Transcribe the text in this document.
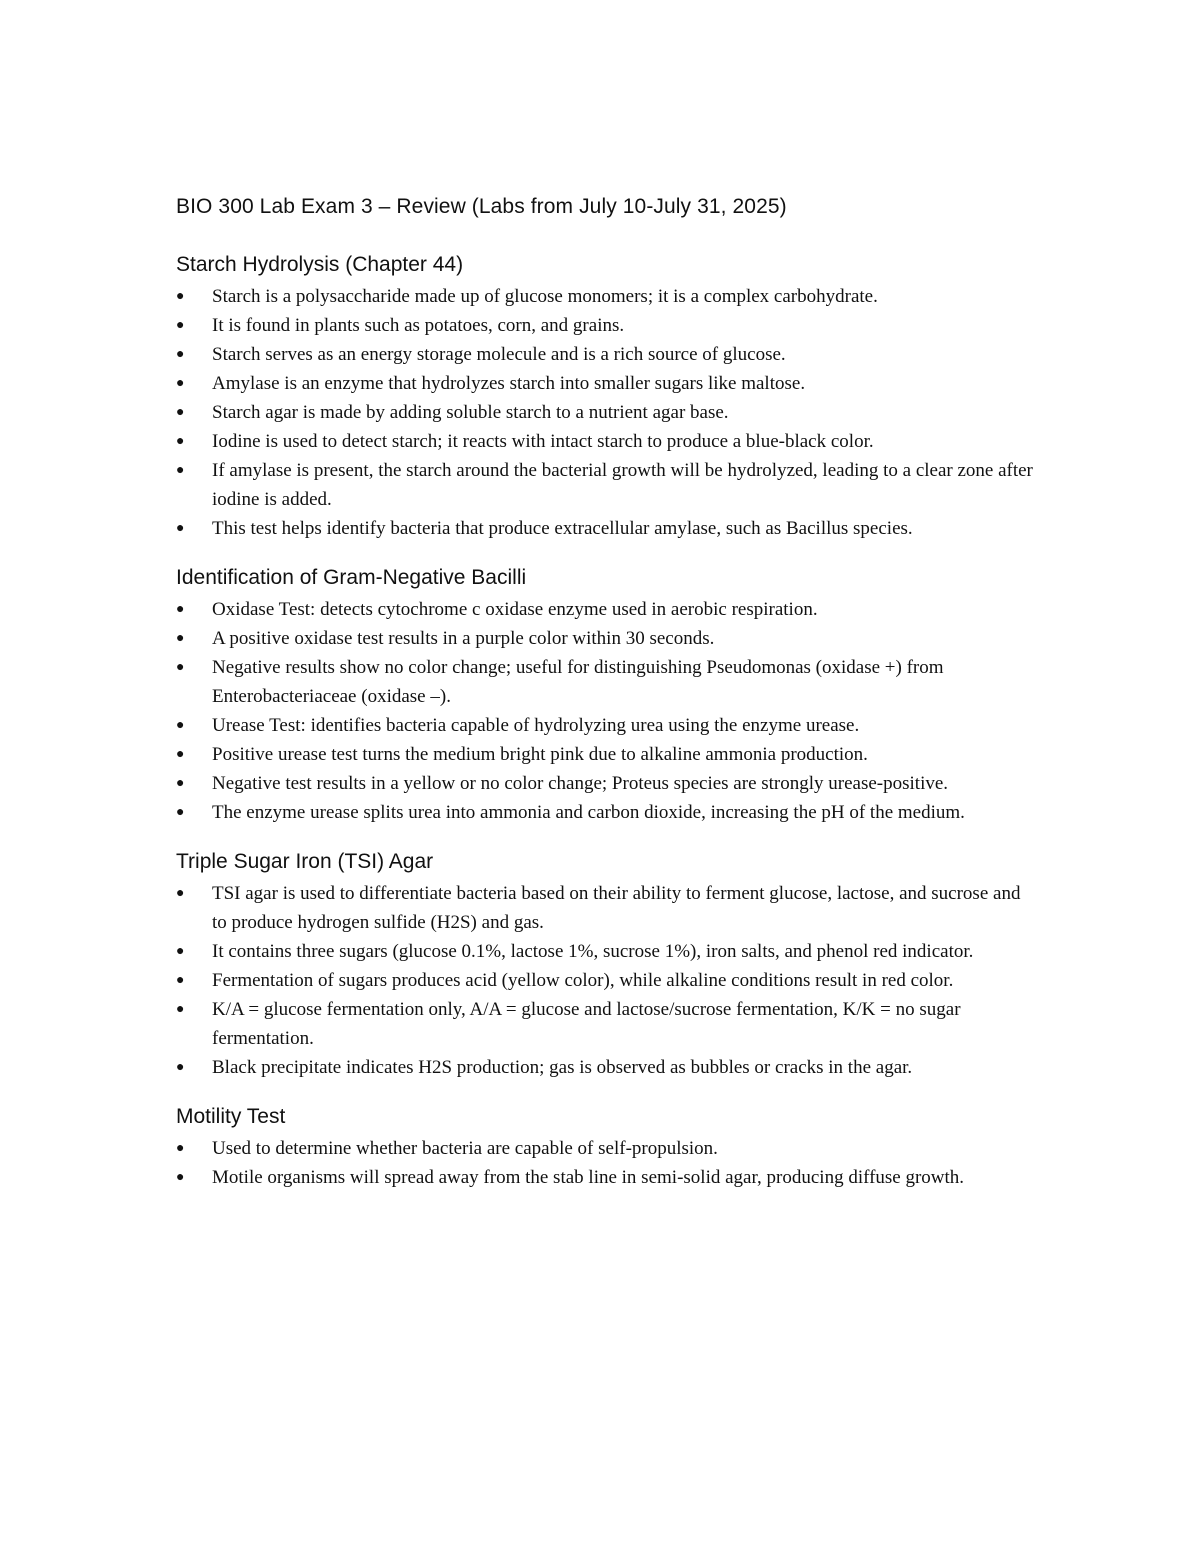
BIO 300 Lab Exam 3 – Review (Labs from July 10-July 31, 2025)
Starch Hydrolysis (Chapter 44)
● Starch is a polysaccharide made up of glucose monomers; it is a complex carbohydrate.
● It is found in plants such as potatoes, corn, and grains.
● Starch serves as an energy storage molecule and is a rich source of glucose.
● Amylase is an enzyme that hydrolyzes starch into smaller sugars like maltose.
● Starch agar is made by adding soluble starch to a nutrient agar base.
● Iodine is used to detect starch; it reacts with intact starch to produce a blue-black color.
● If amylase is present, the starch around the bacterial growth will be hydrolyzed, leading to a clear zone after iodine is added.
● This test helps identify bacteria that produce extracellular amylase, such as Bacillus species.
Identification of Gram-Negative Bacilli
● Oxidase Test: detects cytochrome c oxidase enzyme used in aerobic respiration.
● A positive oxidase test results in a purple color within 30 seconds.
● Negative results show no color change; useful for distinguishing Pseudomonas (oxidase +) from Enterobacteriaceae (oxidase –).
● Urease Test: identifies bacteria capable of hydrolyzing urea using the enzyme urease.
● Positive urease test turns the medium bright pink due to alkaline ammonia production.
● Negative test results in a yellow or no color change; Proteus species are strongly urease-positive.
● The enzyme urease splits urea into ammonia and carbon dioxide, increasing the pH of the medium.
Triple Sugar Iron (TSI) Agar
● TSI agar is used to differentiate bacteria based on their ability to ferment glucose, lactose, and sucrose and to produce hydrogen sulfide (H2S) and gas.
● It contains three sugars (glucose 0.1%, lactose 1%, sucrose 1%), iron salts, and phenol red indicator.
● Fermentation of sugars produces acid (yellow color), while alkaline conditions result in red color.
● K/A = glucose fermentation only, A/A = glucose and lactose/sucrose fermentation, K/K = no sugar fermentation.
● Black precipitate indicates H2S production; gas is observed as bubbles or cracks in the agar.
Motility Test
● Used to determine whether bacteria are capable of self-propulsion.
● Motile organisms will spread away from the stab line in semi-solid agar, producing diffuse growth.
